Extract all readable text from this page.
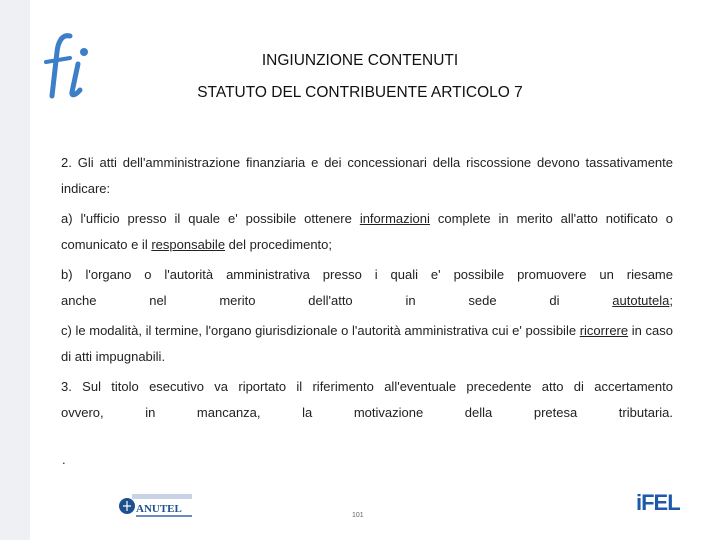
INGIUNZIONE CONTENUTI
STATUTO DEL CONTRIBUENTE ARTICOLO 7

2. Gli atti dell'amministrazione finanziaria e dei concessionari della riscossione devono tassativamente indicare:

a) l'ufficio presso il quale e' possibile ottenere informazioni complete in merito all'atto notificato o comunicato e il responsabile del procedimento;

b) l'organo o l'autorità amministrativa presso i quali e' possibile promuovere un riesame
anche nel merito dell'atto in sede di autotutela;

c) le modalità, il termine, l'organo giurisdizionale o l'autorità amministrativa cui e' possibile ricorrere in caso di atti impugnabili.

3. Sul titolo esecutivo va riportato il riferimento all'eventuale precedente atto di accertamento
ovvero, in mancanza, la motivazione della pretesa tributaria.

.
ANUTEL
101
iFEL
